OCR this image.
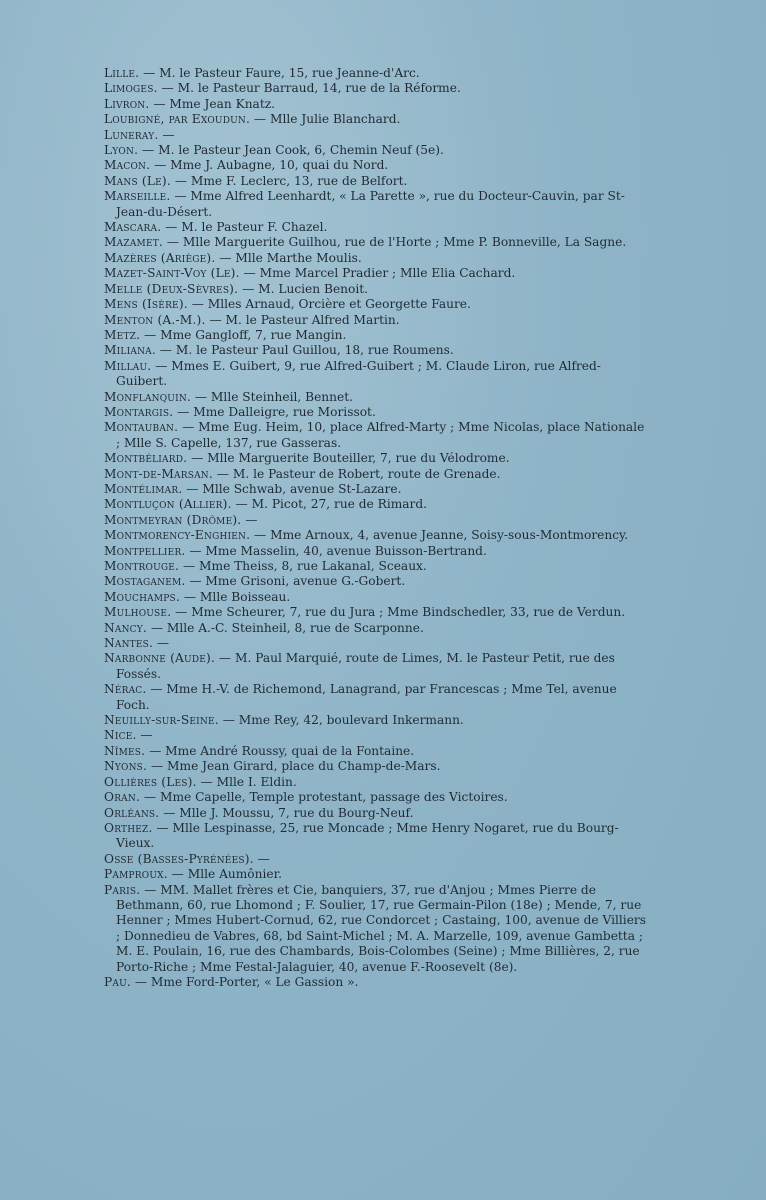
Lille. — M. le Pasteur Faure, 15, rue Jeanne-d'Arc.
Limoges. — M. le Pasteur Barraud, 14, rue de la Réforme.
Livron. — Mme Jean Knatz.
Loubigné, par Exoudun. — Mlle Julie Blanchard.
Luneray. —
Lyon. — M. le Pasteur Jean Cook, 6, Chemin Neuf (5e).
Macon. — Mme J. Aubagne, 10, quai du Nord.
Mans (Le). — Mme F. Leclerc, 13, rue de Belfort.
Marseille. — Mme Alfred Leenhardt, « La Parette », rue du Docteur-Cauvin, par St-Jean-du-Désert.
Mascara. — M. le Pasteur F. Chazel.
Mazamet. — Mlle Marguerite Guilhou, rue de l'Horte ; Mme P. Bonneville, La Sagne.
Mazères (Ariège). — Mlle Marthe Moulis.
Mazet-Saint-Voy (Le). — Mme Marcel Pradier ; Mlle Elia Cachard.
Melle (Deux-Sèvres). — M. Lucien Benoit.
Mens (Isère). — Mlles Arnaud, Orcière et Georgette Faure.
Menton (A.-M.). — M. le Pasteur Alfred Martin.
Metz. — Mme Gangloff, 7, rue Mangin.
Miliana. — M. le Pasteur Paul Guillou, 18, rue Roumens.
Millau. — Mmes E. Guibert, 9, rue Alfred-Guibert ; M. Claude Liron, rue Alfred-Guibert.
Monflanquin. — Mlle Steinheil, Bennet.
Montargis. — Mme Dalleigre, rue Morissot.
Montauban. — Mme Eug. Heim, 10, place Alfred-Marty ; Mme Nicolas, place Nationale ; Mlle S. Capelle, 137, rue Gasseras.
Montbéliard. — Mlle Marguerite Bouteiller, 7, rue du Vélodrome.
Mont-de-Marsan. — M. le Pasteur de Robert, route de Grenade.
Montélimar. — Mlle Schwab, avenue St-Lazare.
Montluçon (Allier). — M. Picot, 27, rue de Rimard.
Montmeyran (Drôme). —
Montmorency-Enghien. — Mme Arnoux, 4, avenue Jeanne, Soisy-sous-Montmorency.
Montpellier. — Mme Masselin, 40, avenue Buisson-Bertrand.
Montrouge. — Mme Theiss, 8, rue Lakanal, Sceaux.
Mostaganem. — Mme Grisoni, avenue G.-Gobert.
Mouchamps. — Mlle Boisseau.
Mulhouse. — Mme Scheurer, 7, rue du Jura ; Mme Bindschedler, 33, rue de Verdun.
Nancy. — Mlle A.-C. Steinheil, 8, rue de Scarponne.
Nantes. —
Narbonne (Aude). — M. Paul Marquié, route de Limes, M. le Pasteur Petit, rue des Fossés.
Nérac. — Mme H.-V. de Richemond, Lanagrand, par Francescas ; Mme Tel, avenue Foch.
Neuilly-sur-Seine. — Mme Rey, 42, boulevard Inkermann.
Nice. —
Nîmes. — Mme André Roussy, quai de la Fontaine.
Nyons. — Mme Jean Girard, place du Champ-de-Mars.
Ollières (Les). — Mlle I. Eldin.
Oran. — Mme Capelle, Temple protestant, passage des Victoires.
Orléans. — Mlle J. Moussu, 7, rue du Bourg-Neuf.
Orthez. — Mlle Lespinasse, 25, rue Moncade ; Mme Henry Nogaret, rue du Bourg-Vieux.
Osse (Basses-Pyrénées). —
Pamproux. — Mlle Aumônier.
Paris. — MM. Mallet frères et Cie, banquiers, 37, rue d'Anjou ; Mmes Pierre de Bethmann, 60, rue Lhomond ; F. Soulier, 17, rue Germain-Pilon (18e) ; Mende, 7, rue Henner ; Mmes Hubert-Cornud, 62, rue Condorcet ; Castaing, 100, avenue de Villiers ; Donnedieu de Vabres, 68, bd Saint-Michel ; M. A. Marzelle, 109, avenue Gambetta ; M. E. Poulain, 16, rue des Chambards, Bois-Colombes (Seine) ; Mme Billières, 2, rue Porto-Riche ; Mme Festal-Jalaguier, 40, avenue F.-Roosevelt (8e).
Pau. — Mme Ford-Porter, « Le Gassion ».
